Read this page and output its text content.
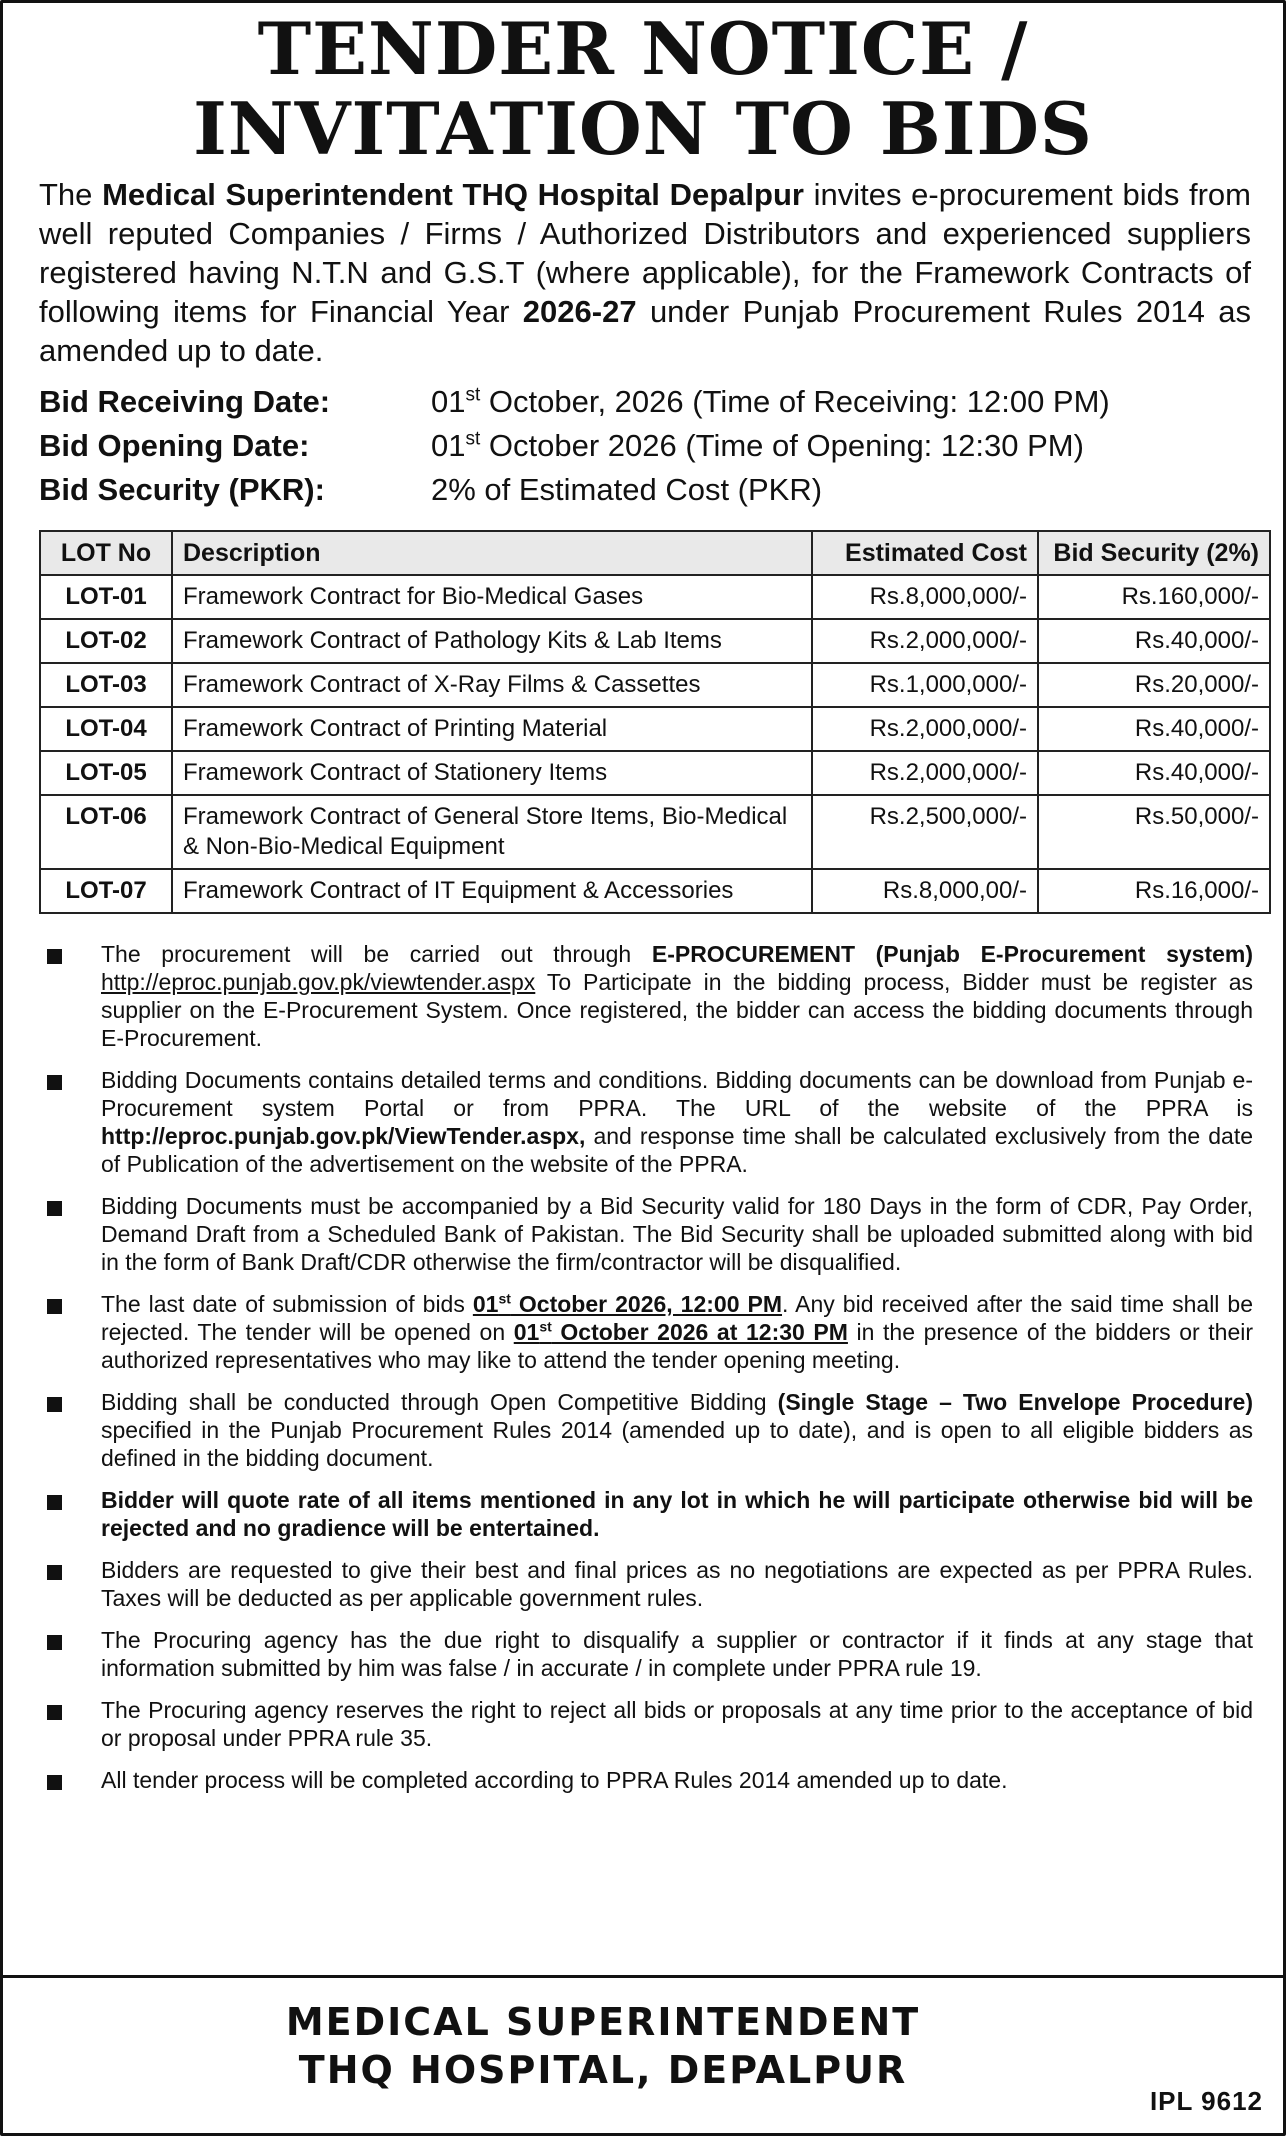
TENDER NOTICE /
INVITATION TO BIDS

The Medical Superintendent THQ Hospital Depalpur invites e-procurement bids from well reputed Companies / Firms / Authorized Distributors and experienced suppliers registered having N.T.N and G.S.T (where applicable), for the Framework Contracts of following items for Financial Year 2026-27 under Punjab Procurement Rules 2014 as amended up to date.

Bid Receiving Date:	01st October, 2026 (Time of Receiving: 12:00 PM)
Bid Opening Date:	01st October 2026 (Time of Opening: 12:30 PM)
Bid Security (PKR):	2% of Estimated Cost (PKR)
LOT No	Description	Estimated Cost	Bid Security (2%)
LOT-01	Framework Contract for Bio-Medical Gases	Rs.8,000,000/-	Rs.160,000/-
LOT-02	Framework Contract of Pathology Kits & Lab Items	Rs.2,000,000/-	Rs.40,000/-
LOT-03	Framework Contract of X-Ray Films & Cassettes	Rs.1,000,000/-	Rs.20,000/-
LOT-04	Framework Contract of Printing Material	Rs.2,000,000/-	Rs.40,000/-
LOT-05	Framework Contract of Stationery Items	Rs.2,000,000/-	Rs.40,000/-
LOT-06	Framework Contract of General Store Items, Bio-Medical & Non-Bio-Medical Equipment	Rs.2,500,000/-	Rs.50,000/-
LOT-07	Framework Contract of IT Equipment & Accessories	Rs.8,000,00/-	Rs.16,000/-
The procurement will be carried out through E-PROCUREMENT (Punjab E-Procurement system) http://eproc.punjab.gov.pk/viewtender.aspx To Participate in the bidding process, Bidder must be register as supplier on the E-Procurement System. Once registered, the bidder can access the bidding documents through E-Procurement.
Bidding Documents contains detailed terms and conditions. Bidding documents can be download from Punjab e-Procurement system Portal or from PPRA. The URL of the website of the PPRA is http://eproc.punjab.gov.pk/ViewTender.aspx, and response time shall be calculated exclusively from the date of Publication of the advertisement on the website of the PPRA.
Bidding Documents must be accompanied by a Bid Security valid for 180 Days in the form of CDR, Pay Order, Demand Draft from a Scheduled Bank of Pakistan. The Bid Security shall be uploaded submitted along with bid in the form of Bank Draft/CDR otherwise the firm/contractor will be disqualified.
The last date of submission of bids 01st October 2026, 12:00 PM. Any bid received after the said time shall be rejected. The tender will be opened on 01st October 2026 at 12:30 PM in the presence of the bidders or their authorized representatives who may like to attend the tender opening meeting.
Bidding shall be conducted through Open Competitive Bidding (Single Stage – Two Envelope Procedure) specified in the Punjab Procurement Rules 2014 (amended up to date), and is open to all eligible bidders as defined in the bidding document.
Bidder will quote rate of all items mentioned in any lot in which he will participate otherwise bid will be rejected and no gradience will be entertained.
Bidders are requested to give their best and final prices as no negotiations are expected as per PPRA Rules. Taxes will be deducted as per applicable government rules.
The Procuring agency has the due right to disqualify a supplier or contractor if it finds at any stage that information submitted by him was false / in accurate / in complete under PPRA rule 19.
The Procuring agency reserves the right to reject all bids or proposals at any time prior to the acceptance of bid or proposal under PPRA rule 35.
All tender process will be completed according to PPRA Rules 2014 amended up to date.
MEDICAL SUPERINTENDENT
THQ HOSPITAL, DEPALPUR
IPL 9612
